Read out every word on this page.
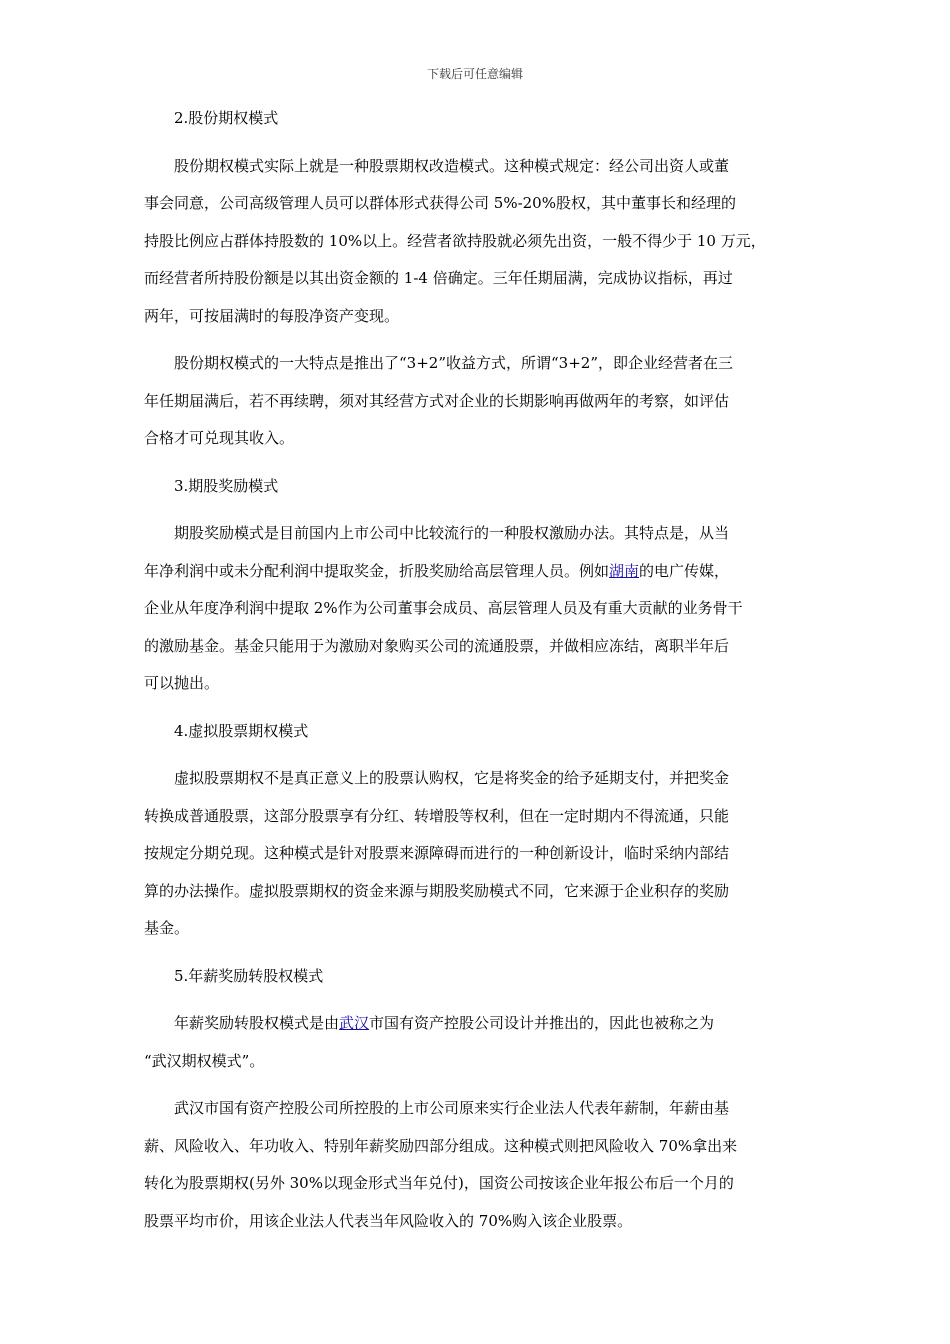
下载后可任意编辑

2.股份期权模式

股份期权模式实际上就是一种股票期权改造模式。这种模式规定：经公司出资人或董
事会同意，公司高级管理人员可以群体形式获得公司 5%-20%股权，其中董事长和经理的
持股比例应占群体持股数的 10%以上。经营者欲持股就必须先出资，一般不得少于 10 万元，
而经营者所持股份额是以其出资金额的 1-4 倍确定。三年任期届满，完成协议指标，再过
两年，可按届满时的每股净资产变现。
股份期权模式的一大特点是推出了“3+2”收益方式，所谓“3+2”，即企业经营者在三
年任期届满后，若不再续聘，须对其经营方式对企业的长期影响再做两年的考察，如评估
合格才可兑现其收入。

3.期股奖励模式

期股奖励模式是目前国内上市公司中比较流行的一种股权激励办法。其特点是，从当
年净利润中或未分配利润中提取奖金，折股奖励给高层管理人员。例如湖南的电广传媒，
企业从年度净利润中提取 2%作为公司董事会成员、高层管理人员及有重大贡献的业务骨干
的激励基金。基金只能用于为激励对象购买公司的流通股票，并做相应冻结，离职半年后
可以抛出。

4.虚拟股票期权模式

虚拟股票期权不是真正意义上的股票认购权，它是将奖金的给予延期支付，并把奖金
转换成普通股票，这部分股票享有分红、转增股等权利，但在一定时期内不得流通，只能
按规定分期兑现。这种模式是针对股票来源障碍而进行的一种创新设计，临时采纳内部结
算的办法操作。虚拟股票期权的资金来源与期股奖励模式不同，它来源于企业积存的奖励
基金。

5.年薪奖励转股权模式

年薪奖励转股权模式是由武汉市国有资产控股公司设计并推出的，因此也被称之为
“武汉期权模式”。
武汉市国有资产控股公司所控股的上市公司原来实行企业法人代表年薪制，年薪由基
薪、风险收入、年功收入、特别年薪奖励四部分组成。这种模式则把风险收入 70%拿出来
转化为股票期权(另外 30%以现金形式当年兑付)，国资公司按该企业年报公布后一个月的
股票平均市价，用该企业法人代表当年风险收入的 70%购入该企业股票。
